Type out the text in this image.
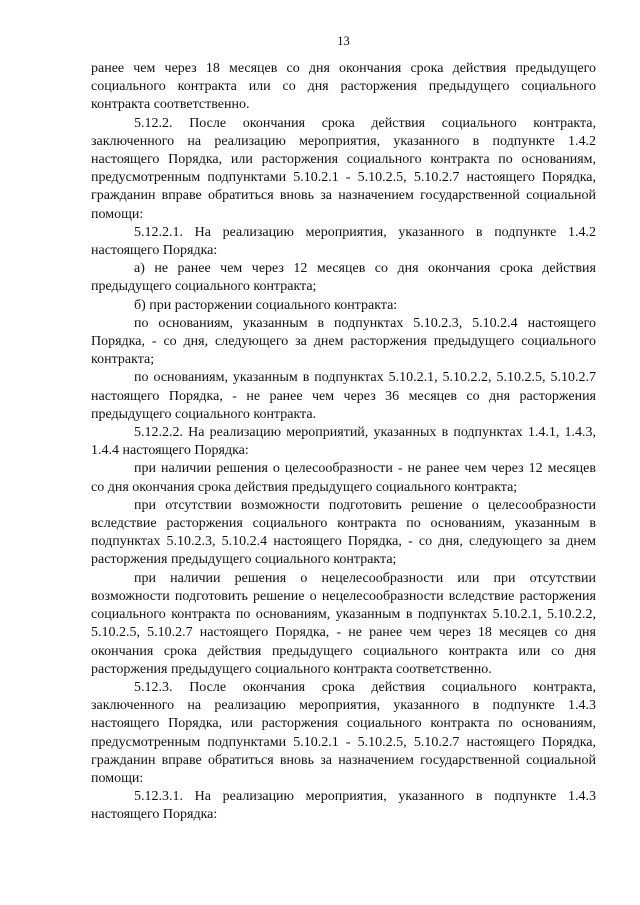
13

ранее чем через 18 месяцев со дня окончания срока действия предыдущего социального контракта или со дня расторжения предыдущего социального контракта соответственно.

5.12.2. После окончания срока действия социального контракта, заключенного на реализацию мероприятия, указанного в подпункте 1.4.2 настоящего Порядка, или расторжения социального контракта по основаниям, предусмотренным подпунктами 5.10.2.1 - 5.10.2.5, 5.10.2.7 настоящего Порядка, гражданин вправе обратиться вновь за назначением государственной социальной помощи:

5.12.2.1. На реализацию мероприятия, указанного в подпункте 1.4.2 настоящего Порядка:

а) не ранее чем через 12 месяцев со дня окончания срока действия предыдущего социального контракта;

б) при расторжении социального контракта:

по основаниям, указанным в подпунктах 5.10.2.3, 5.10.2.4 настоящего Порядка, - со дня, следующего за днем расторжения предыдущего социального контракта;

по основаниям, указанным в подпунктах 5.10.2.1, 5.10.2.2, 5.10.2.5, 5.10.2.7 настоящего Порядка, - не ранее чем через 36 месяцев со дня расторжения предыдущего социального контракта.

5.12.2.2. На реализацию мероприятий, указанных в подпунктах 1.4.1, 1.4.3, 1.4.4 настоящего Порядка:

при наличии решения о целесообразности - не ранее чем через 12 месяцев со дня окончания срока действия предыдущего социального контракта;

при отсутствии возможности подготовить решение о целесообразности вследствие расторжения социального контракта по основаниям, указанным в подпунктах 5.10.2.3, 5.10.2.4 настоящего Порядка, - со дня, следующего за днем расторжения предыдущего социального контракта;

при наличии решения о нецелесообразности или при отсутствии возможности подготовить решение о нецелесообразности вследствие расторжения социального контракта по основаниям, указанным в подпунктах 5.10.2.1, 5.10.2.2, 5.10.2.5, 5.10.2.7 настоящего Порядка, - не ранее чем через 18 месяцев со дня окончания срока действия предыдущего социального контракта или со дня расторжения предыдущего социального контракта соответственно.

5.12.3. После окончания срока действия социального контракта, заключенного на реализацию мероприятия, указанного в подпункте 1.4.3 настоящего Порядка, или расторжения социального контракта по основаниям, предусмотренным подпунктами 5.10.2.1 - 5.10.2.5, 5.10.2.7 настоящего Порядка, гражданин вправе обратиться вновь за назначением государственной социальной помощи:

5.12.3.1. На реализацию мероприятия, указанного в подпункте 1.4.3 настоящего Порядка:
